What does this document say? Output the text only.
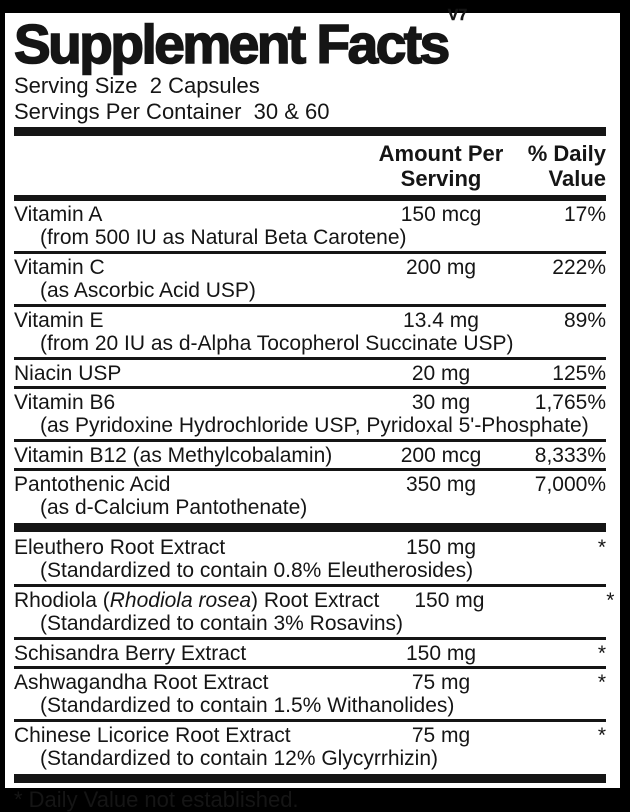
Supplement Facts$^{V7}$
Serving Size  2 Capsules
Servings Per Container  30 & 60
Amount Per Serving
% Daily Value
Vitamin A	150 mcg	17%
(from 500 IU as Natural Beta Carotene)
Vitamin C	200 mg	222%
(as Ascorbic Acid USP)
Vitamin E	13.4 mg	89%
(from 20 IU as d-Alpha Tocopherol Succinate USP)
Niacin USP	20 mg	125%
Vitamin B6	30 mg	1,765%
(as Pyridoxine Hydrochloride USP, Pyridoxal 5'-Phosphate)
Vitamin B12 (as Methylcobalamin)	200 mcg	8,333%
Pantothenic Acid	350 mg	7,000%
(as d-Calcium Pantothenate)
Eleuthero Root Extract	150 mg	*
(Standardized to contain 0.8% Eleutherosides)
Rhodiola (Rhodiola rosea) Root Extract	150 mg	*
(Standardized to contain 3% Rosavins)
Schisandra Berry Extract	150 mg	*
Ashwagandha Root Extract	75 mg	*
(Standardized to contain 1.5% Withanolides)
Chinese Licorice Root Extract	75 mg	*
(Standardized to contain 12% Glycyrrhizin)
* Daily Value not established.
